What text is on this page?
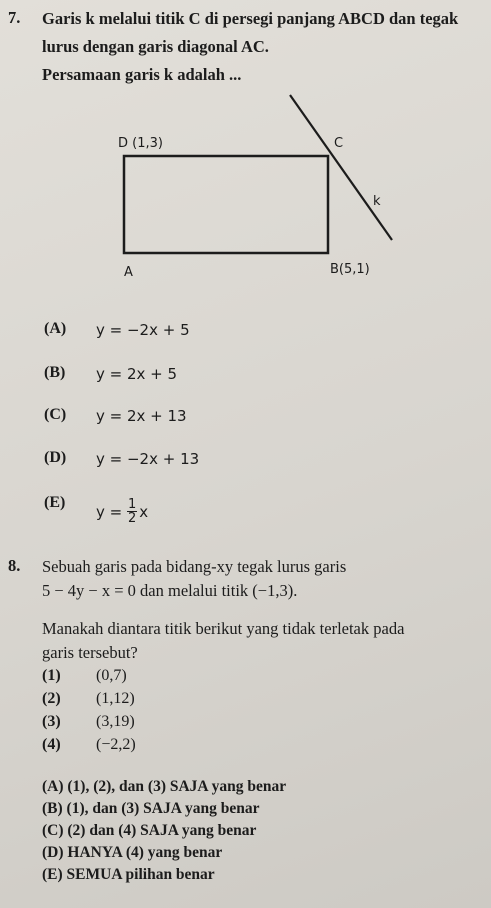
7. Garis k melalui titik C di persegi panjang ABCD dan tegak
lurus dengan garis diagonal AC.
Persamaan garis k adalah ...
D (1,3)	C
k
A	B(5,1)
(A) y = −2x + 5
(B) y = 2x + 5
(C) y = 2x + 13
(D) y = −2x + 13
(E) $y = \frac{1}{2}$ x
8. Sebuah garis pada bidang-xy tegak lurus garis
5 − 4y − x = 0 dan melalui titik (−1,3).
Manakah diantara titik berikut yang tidak terletak pada
garis tersebut?
(1) (0,7)
(2) (1,12)
(3) (3,19)
(4) (−2,2)
(A) (1), (2), dan (3) SAJA yang benar
(B) (1), dan (3) SAJA yang benar
(C) (2) dan (4) SAJA yang benar
(D) HANYA (4) yang benar
(E) SEMUA pilihan benar
